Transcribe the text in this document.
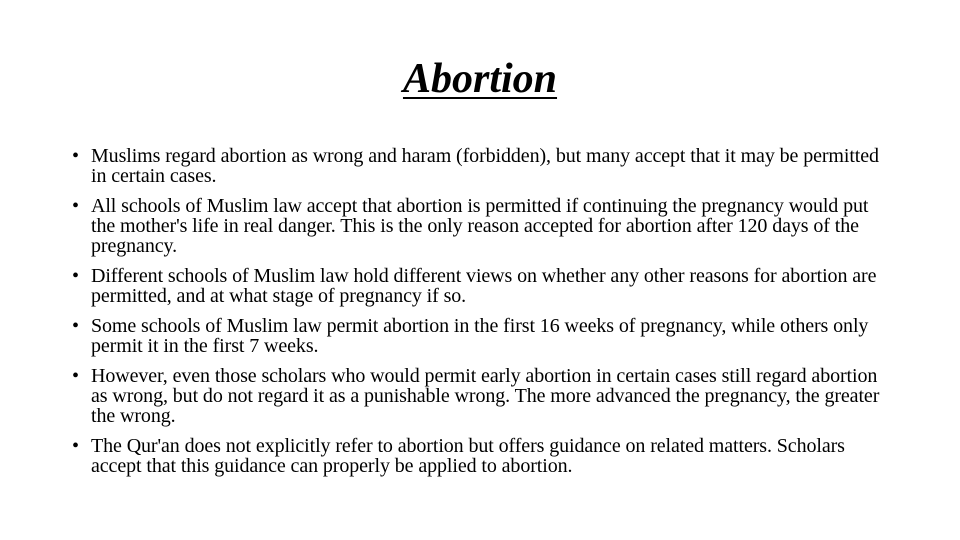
Abortion
• Muslims regard abortion as wrong and haram (forbidden), but many accept that it may be permitted in certain cases.
• All schools of Muslim law accept that abortion is permitted if continuing the pregnancy would put the mother's life in real danger. This is the only reason accepted for abortion after 120 days of the pregnancy.
• Different schools of Muslim law hold different views on whether any other reasons for abortion are permitted, and at what stage of pregnancy if so.
• Some schools of Muslim law permit abortion in the first 16 weeks of pregnancy, while others only permit it in the first 7 weeks.
• However, even those scholars who would permit early abortion in certain cases still regard abortion as wrong, but do not regard it as a punishable wrong. The more advanced the pregnancy, the greater the wrong.
• The Qur'an does not explicitly refer to abortion but offers guidance on related matters. Scholars accept that this guidance can properly be applied to abortion.
